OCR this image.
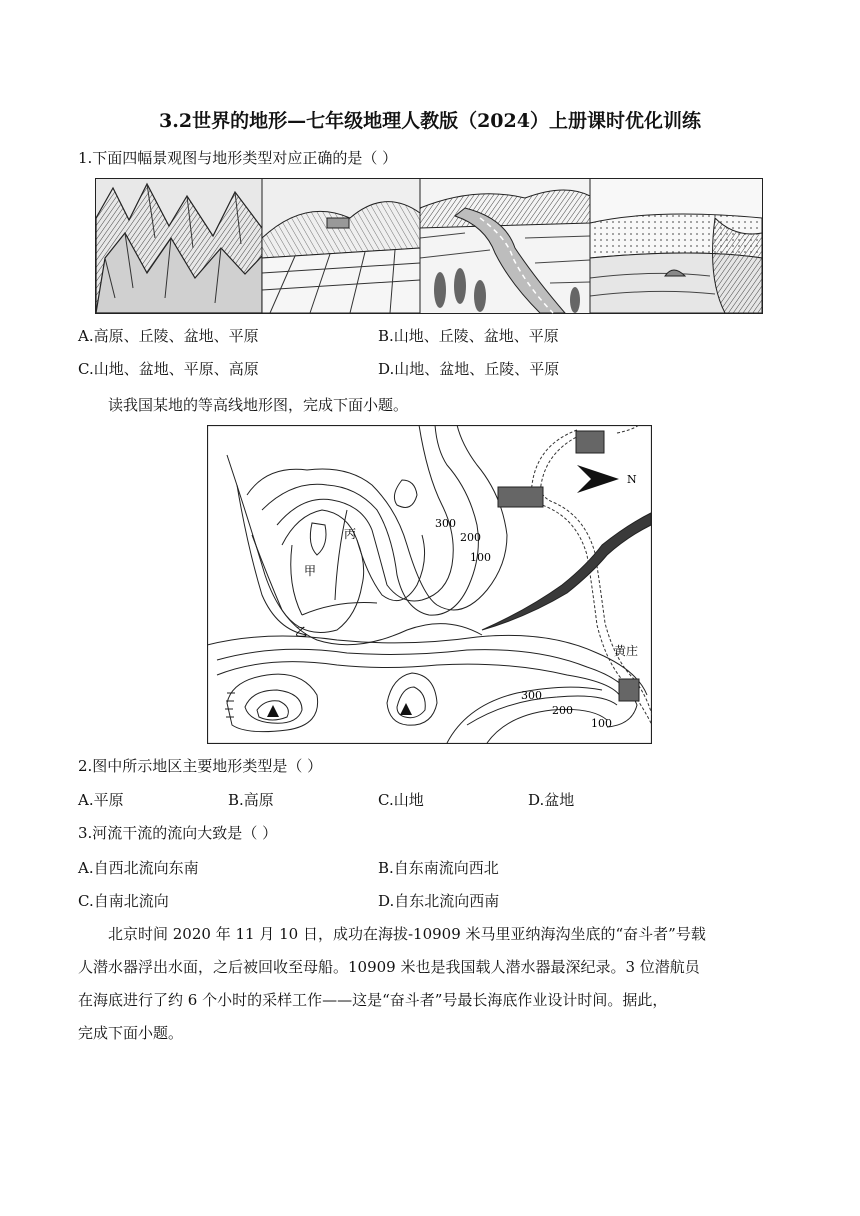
3.2世界的地形—七年级地理人教版（2024）上册课时优化训练
1.下面四幅景观图与地形类型对应正确的是（ ）
A.高原、丘陵、盆地、平原	B.山地、丘陵、盆地、平原
C.山地、盆地、平原、高原	D.山地、盆地、丘陵、平原
读我国某地的等高线地形图，完成下面小题。
N
丙
甲
乙
黄庄
300
200
100
300
200
100
2.图中所示地区主要地形类型是（ ）
A.平原	B.高原	C.山地	D.盆地
3.河流干流的流向大致是（ ）
A.自西北流向东南	B.自东南流向西北
C.自南北流向	D.自东北流向西南
北京时间 2020 年 11 月 10 日，成功在海拔-10909 米马里亚纳海沟坐底的“奋斗者”号载
人潜水器浮出水面，之后被回收至母船。10909 米也是我国载人潜水器最深纪录。3 位潜航员
在海底进行了约 6 个小时的采样工作——这是“奋斗者”号最长海底作业设计时间。据此，
完成下面小题。
